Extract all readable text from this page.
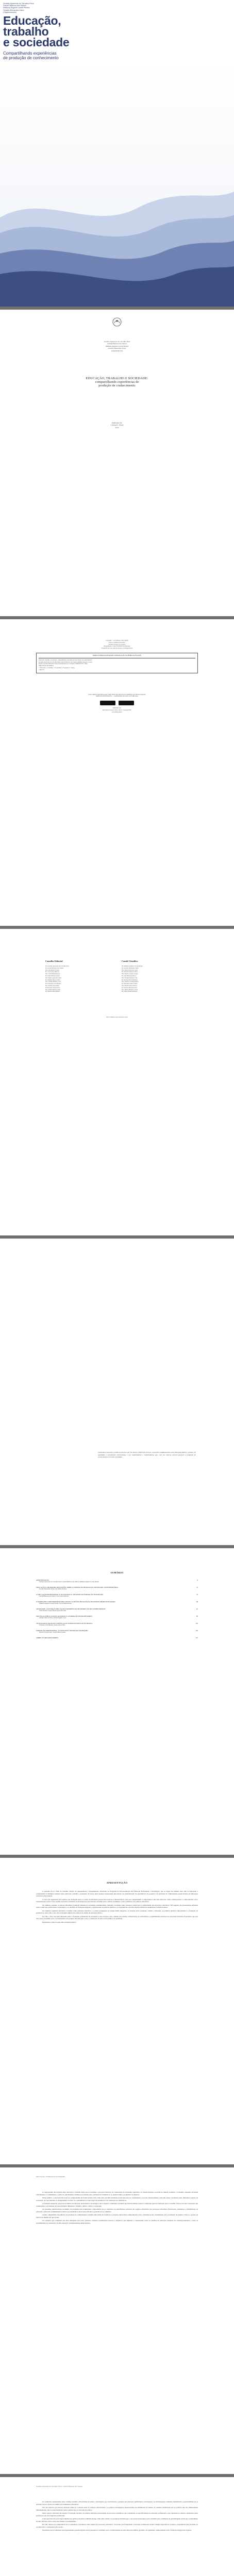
Geraldo Aparecido de Carvalho Pena

Gabriel Barbosa dos Santos

Matheus Augusto Larotti Pereira

Geraldo Bernardes Vieira

(Organizadores)

Educação,
trabalho
e sociedade
Compartilhando experiências
de produção de conhecimento

Geraldo Aparecido de Carvalho Pena

Gabriel Barbosa dos Santos

Matheus Augusto Larotti Pereira

Geraldo Bernardes Vieira

(Organizadores)

EDUCAÇÃO, TRABALHO E SOCIEDADE:
compartilhando experiências de
produção de conhecimento

EDIFAM.CEC

Contagem - Brasil

2024

Copyright © dos Editores, 2024, IFMG

Todos os direitos reservados.

Revisão de texto: dos autores

Diagramação e Capa: Faculdade de Educação

Fotografia de capa: retirada de banco de imagem livre

DADOS INTERNACIONAIS DE CATALOGAÇÃO NA PUBLICAÇÃO (CIP)

Educação, trabalho e sociedade: compartilhando experiências de produção de conhecimento /

Geraldo Aparecido de Carvalho Pena, Gabriel Barbosa dos Santos, Matheus Augusto Larotti

Pereira, Geraldo Bernardes Vieira (Organizadores). Contagem: EDIFAM.CEC, 2024.

ISBN 978-65-00-00000-0

1. Educação. 2. Trabalho. 3. Sociedade. 4. Formação. I. Título.

CDD 370

ESTA OBRA FOI PUBLICADA COM APOIO DO INSTITUTO FEDERAL DE MINAS GERAIS

DIREITOS RESERVADOS — A REPRODUÇÃO NÃO AUTORIZADA

EDIFAM.CEC

Rua Maria Soares da Silva, 2024 - Contagem/MG

www.ifmg.edu.br

Conselho Editorial

Dr. Geraldo Aparecido de Carvalho Pena

Dr. Gabriel Barbosa dos Santos

Dra. Ana Maria Ferreira

Dr. José Carlos Oliveira

Dra. Lúcia Helena Rocha

Dr. Paulo Roberto Souza

Dra. Maria Aparecida Lima

Dr. Antônio Marcos Silva

Dra. Cláudia Regina Costa

Dr. Fernando Luiz Mendes

Dra. Juliana Alves Pinto

Dr. Ricardo Tavares Neto

Dra. Sandra Maria Gomes

Dr. Marcelo Dias Ribeiro

Comitê Científico

Dr. Matheus Augusto Larotti Pereira

Dr. Geraldo Bernardes Vieira

Dra. Patrícia Moreira Lopes

Dr. Eduardo Nunes Cardoso

Dra. Renata Campos Araújo

Dr. Luiz Henrique Barros

Dra. Fabiana Teixeira Cruz

Dr. Rodrigo Pires Machado

Dra. Vanessa Cristina Ramos

Dr. Alexandre Melo Freitas

Dra. Beatriz Santos Moura

Dr. Gustavo Henrique Reis

Dra. Helena Batista Correia

Dr. Thiago Martins Borges

Obra avaliada e aprovada pelos pares

Dedicamos esta obra a todas as pessoas que, de muitas e diferentes formas, constroem cotidianamente uma educação pública, gratuita, de qualidade e socialmente referenciada, e aos trabalhadores e trabalhadoras que, com seu esforço, tornam possível a produção de conhecimento em nossa sociedade.

SUMÁRIO
APRESENTAÇÃO	9
Geraldo Aparecido de Carvalho Pena; Gabriel Barbosa dos Santos; Matheus Augusto Larotti Pereira
EDUCAÇÃO E TRABALHO: REFLEXÕES SOBRE A FORMAÇÃO HUMANA NA SOCIEDADE CONTEMPORÂNEA	13
Geraldo Bernardes Vieira; Ana Maria Ferreira
A EDUCAÇÃO PROFISSIONAL E TECNOLÓGICA: DESAFIOS DA FORMAÇÃO INTEGRADA	31
Gabriel Barbosa dos Santos; José Carlos Oliveira
O TRABALHO COMO PRINCÍPIO EDUCATIVO E A PRÁXIS PEDAGÓGICA NO ENSINO MÉDIO INTEGRADO	49
Matheus Augusto Larotti Pereira; Lúcia Helena Rocha
SOCIEDADE, CULTURA E EDUCAÇÃO: EXPERIÊNCIAS DE PRODUÇÃO DE CONHECIMENTO	67
Paulo Roberto Souza; Maria Aparecida Lima
POLÍTICAS PÚBLICAS EDUCACIONAIS E A FORMAÇÃO DE PROFESSORES	85
Antônio Marcos Silva; Cláudia Regina Costa
TECNOLOGIAS DIGITAIS E PRÁTICAS DE ENSINO NA EDUCAÇÃO BÁSICA	101
Fernando Luiz Mendes; Juliana Alves Pinto
FORMAÇÃO PROFISSIONAL, JUVENTUDE E MUNDO DO TRABALHO	119
Ricardo Tavares Neto; Sandra Maria Gomes
SOBRE OS ORGANIZADORES	137
APRESENTAÇÃO

O presente livro é fruto do trabalho coletivo de pesquisadores e pesquisadoras vinculados ao Programa de Pós-Graduação em Educação Profissional e Tecnológica, que ao longo dos últimos anos vêm se dedicando a compreender as múltiplas relações entre educação, trabalho e sociedade. Os textos aqui reunidos representam um esforço de sistematização de experiências de pesquisa e de produção de conhecimento desenvolvidas em diferentes contextos educacionais.

A obra está organizada em capítulos que dialogam entre si a partir de diferentes perspectivas teóricas e metodológicas, mas que compartilham o compromisso com uma educação crítica, emancipadora e comprometida com a transformação social. Cada capítulo apresenta resultados de investigações que buscam contribuir para o debate acadêmico e para a melhoria das práticas educativas.

No primeiro capítulo, os autores discutem a formação humana na sociedade contemporânea, tomando o trabalho como categoria central para a compreensão dos processos educativos. Em seguida, são apresentadas reflexões sobre a educação profissional e tecnológica e os desafios da formação integrada, considerando as políticas públicas e as experiências concretas desenvolvidas nas instituições da Rede Federal.

Os capítulos seguintes abordam o trabalho como princípio educativo e a práxis pedagógica no ensino médio integrado, as relações entre sociedade, cultura e educação, as políticas públicas educacionais e a formação de professores, bem como o uso das tecnologias digitais nas práticas de ensino da educação básica.

Por fim, o livro traz uma discussão sobre a formação profissional da juventude e suas relações com o mundo do trabalho, evidenciando as contradições e possibilidades presentes na sociedade brasileira. Esperamos que esta obra possa contribuir para o fortalecimento da pesquisa em educação e para a construção de uma escola pública de qualidade.

Desejamos a todos e todas uma excelente leitura!

EDUCAÇÃO, TRABALHO E SOCIEDADE

A compreensão das relações entre educação e trabalho exige que se considere o processo histórico de constituição da sociedade capitalista e as transformações ocorridas no mundo produtivo. O trabalho, enquanto atividade vital humana, é o fundamento a partir do qual homens e mulheres produzem suas condições de existência e, ao mesmo tempo, produzem a si mesmos.

Nesse sentido, a educação não pode ser compreendida de forma isolada, mas como parte de uma totalidade social marcada por contradições. A escola, historicamente, tem sido espaço de disputa entre diferentes projetos de sociedade, ora reproduzindo as desigualdades sociais, ora constituindo-se como lugar de resistência e de construção de alternativas.

A formação integrada, proposta no âmbito da educação profissional e tecnológica, busca superar a dualidade estrutural que historicamente separou a formação geral da formação para o trabalho. Trata-se de uma concepção que compreende o ser humano em suas múltiplas dimensões: trabalho, ciência, cultura e tecnologia.

As pesquisas desenvolvidas no âmbito do programa têm evidenciado a importância de se considerar as experiências concretas dos sujeitos envolvidos nos processos educativos. Professores, estudantes e trabalhadores da educação constroem cotidianamente práticas que desafiam as prescrições oficiais e apontam novos caminhos.

Assim, compartilhar experiências de produção de conhecimento constitui uma forma de fortalecer a pesquisa educacional comprometida com a realidade social, contribuindo para a formação de sujeitos críticos e capazes de intervir no mundo em que vivem.

Os capítulos que compõem esta obra dialogam com essas questões, trazendo contribuições teóricas e empíricas que ampliam a compreensão sobre os desafios da educação brasileira na contemporaneidade e sobre as possibilidades de construção de uma educação verdadeiramente emancipadora.

Geraldo Aparecido de Carvalho Pena • Gabriel Barbosa dos Santos

Os resultados apresentados neste volume revelam a diversidade de temas e abordagens que caracterizam a pesquisa em educação profissional e tecnológica. As investigações realizadas demonstram a potencialidade de se articular teoria e prática na análise dos fenômenos educativos.

Um dos aspectos que merece destaque refere-se à relação entre as políticas educacionais e as práticas pedagógicas desenvolvidas nas instituições de ensino. As análises evidenciam que as políticas não são simplesmente implementadas, mas recontextualizadas pelos sujeitos que as colocam em prática.

Outro aspecto relevante diz respeito à formação docente. Os estudos indicam a necessidade de processos formativos que considerem as especificidades da educação profissional e que valorizem os saberes construídos pelos professores em sua trajetória profissional.

A incorporação das tecnologias digitais nas práticas de ensino também emerge como tema central. As pesquisas mostram que o uso dessas tecnologias pode contribuir para a melhoria da aprendizagem, desde que acompanhado de uma reflexão crítica sobre seus limites e possibilidades.

Por fim, destaca-se a importância de se considerar a juventude como sujeito dos processos educativos. Os jovens que frequentam a educação profissional trazem consigo expectativas, projetos e experiências que precisam ser reconhecidos e valorizados pela escola.

Esperamos que as reflexões aqui apresentadas possam inspirar novas pesquisas e contribuir para o fortalecimento de uma educação pública, gratuita e de qualidade, comprometida com a formação integral dos sujeitos.
